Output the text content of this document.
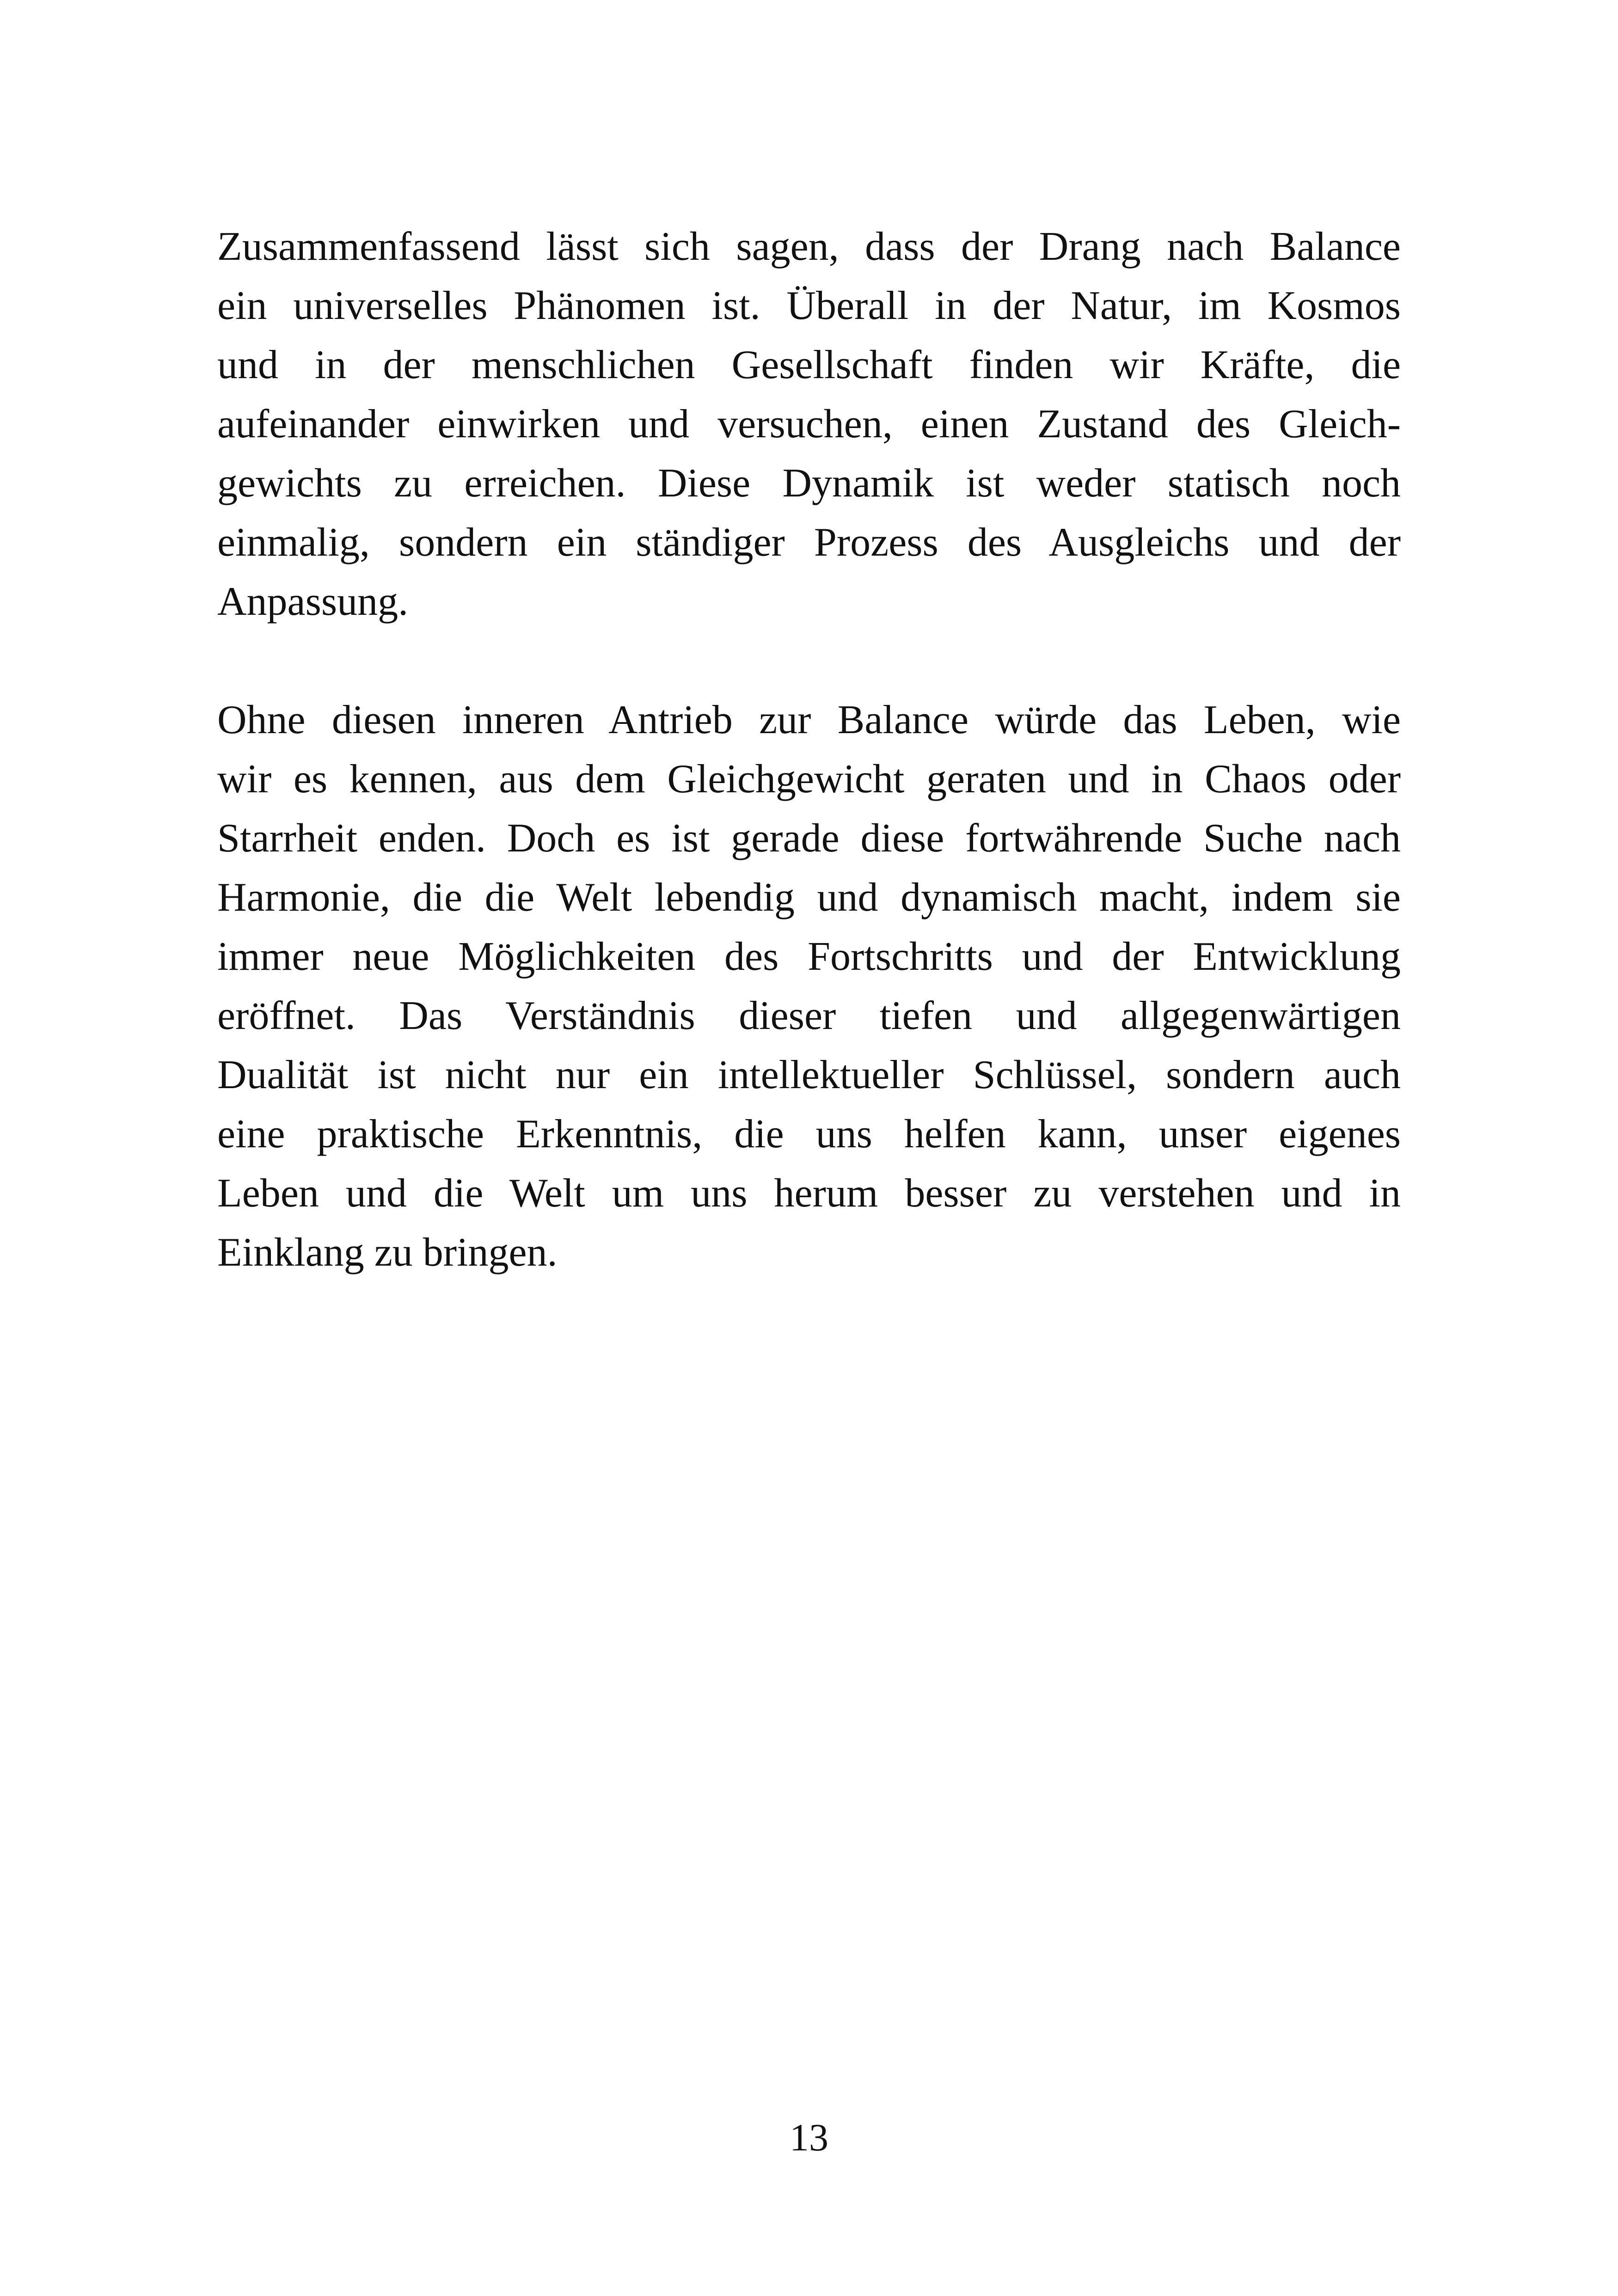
Zusammenfassend lässt sich sagen, dass der Drang nach Balance
ein universelles Phänomen ist. Überall in der Natur, im Kosmos
und in der menschlichen Gesellschaft finden wir Kräfte, die
aufeinander einwirken und versuchen, einen Zustand des Gleich-
gewichts zu erreichen. Diese Dynamik ist weder statisch noch
einmalig, sondern ein ständiger Prozess des Ausgleichs und der
Anpassung.
Ohne diesen inneren Antrieb zur Balance würde das Leben, wie
wir es kennen, aus dem Gleichgewicht geraten und in Chaos oder
Starrheit enden. Doch es ist gerade diese fortwährende Suche nach
Harmonie, die die Welt lebendig und dynamisch macht, indem sie
immer neue Möglichkeiten des Fortschritts und der Entwicklung
eröffnet. Das Verständnis dieser tiefen und allgegenwärtigen
Dualität ist nicht nur ein intellektueller Schlüssel, sondern auch
eine praktische Erkenntnis, die uns helfen kann, unser eigenes
Leben und die Welt um uns herum besser zu verstehen und in
Einklang zu bringen.
13
